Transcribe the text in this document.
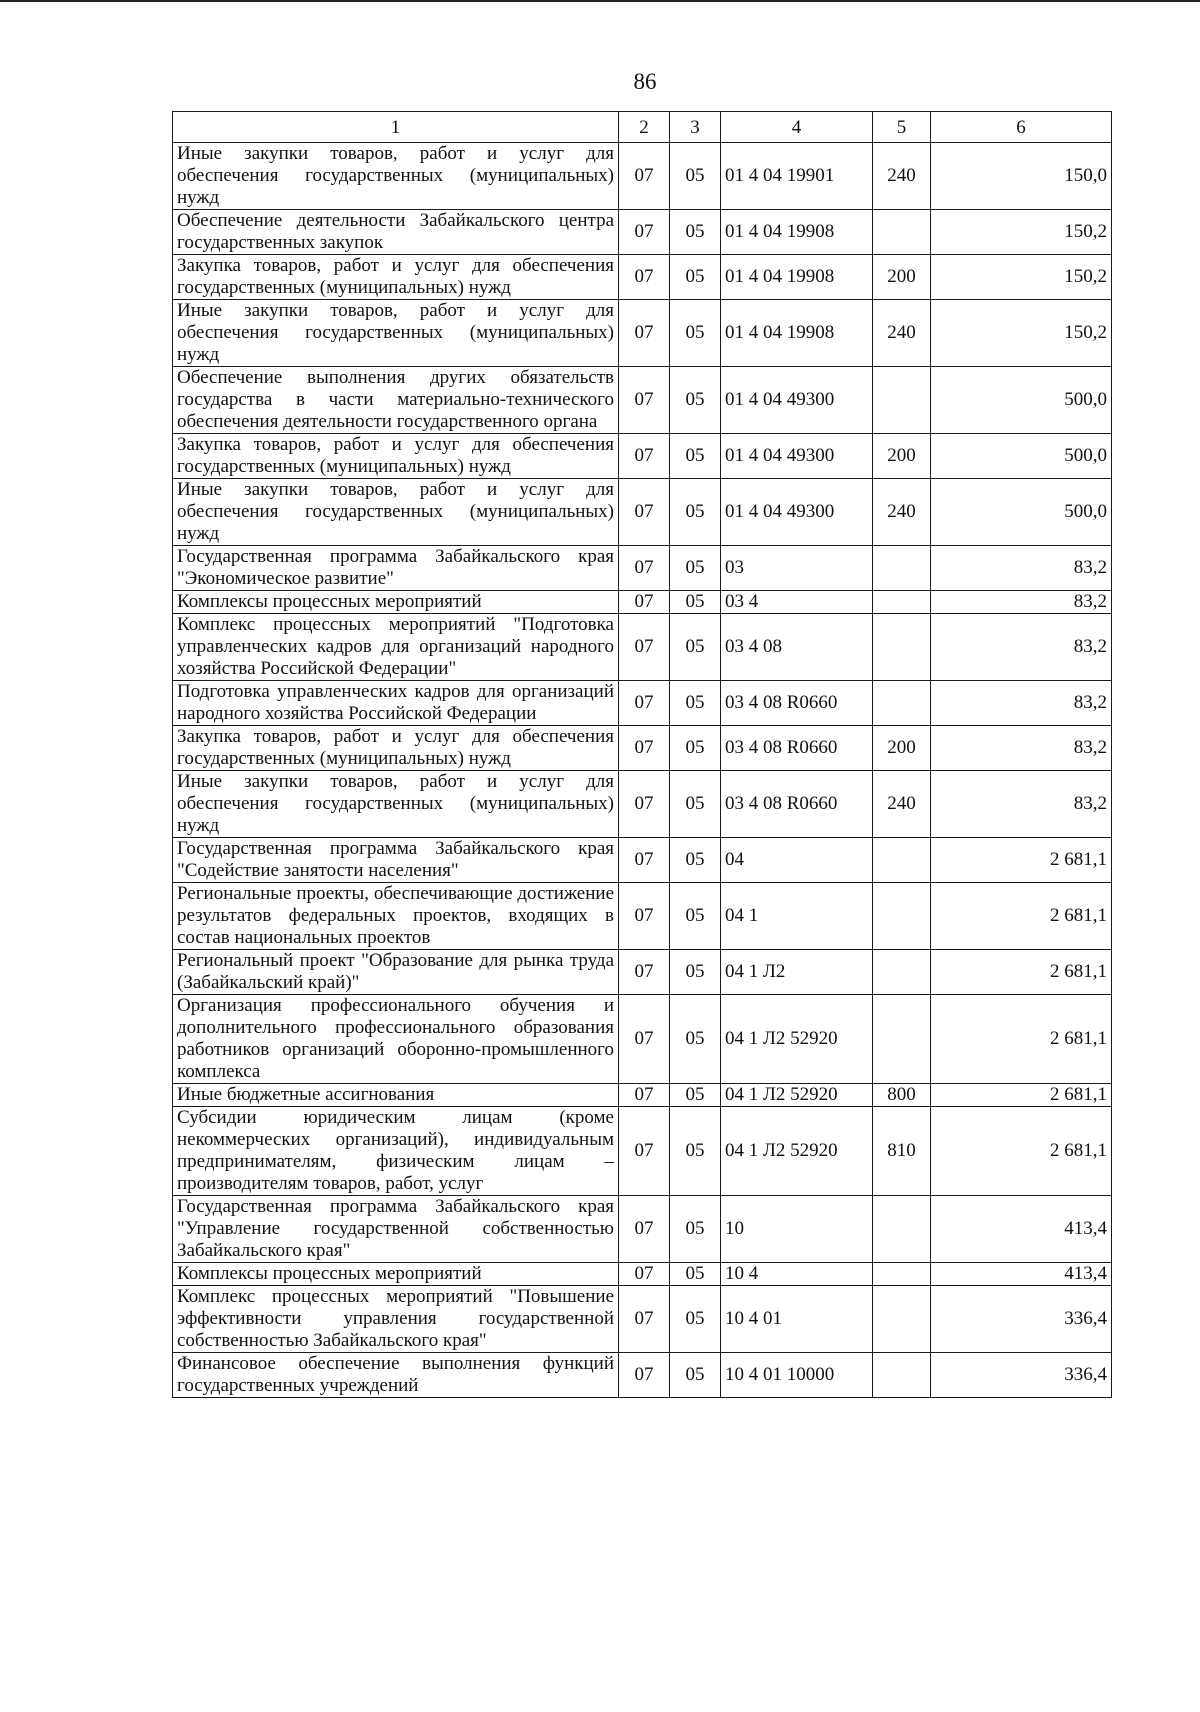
86
1	2	3	4	5	6
Иные закупки товаров, работ и услуг для обеспечения государственных (муниципальных) нужд	07	05	01 4 04 19901	240	150,0
Обеспечение деятельности Забайкальского центра государственных закупок	07	05	01 4 04 19908		150,2
Закупка товаров, работ и услуг для обеспечения государственных (муниципальных) нужд	07	05	01 4 04 19908	200	150,2
Иные закупки товаров, работ и услуг для обеспечения государственных (муниципальных) нужд	07	05	01 4 04 19908	240	150,2
Обеспечение выполнения других обязательств государства в части материально-технического обеспечения деятельности государственного органа	07	05	01 4 04 49300		500,0
Закупка товаров, работ и услуг для обеспечения государственных (муниципальных) нужд	07	05	01 4 04 49300	200	500,0
Иные закупки товаров, работ и услуг для обеспечения государственных (муниципальных) нужд	07	05	01 4 04 49300	240	500,0
Государственная программа Забайкальского края "Экономическое развитие"	07	05	03		83,2
Комплексы процессных мероприятий	07	05	03 4		83,2
Комплекс процессных мероприятий "Подготовка управленческих кадров для организаций народного хозяйства Российской Федерации"	07	05	03 4 08		83,2
Подготовка управленческих кадров для организаций народного хозяйства Российской Федерации	07	05	03 4 08 R0660		83,2
Закупка товаров, работ и услуг для обеспечения государственных (муниципальных) нужд	07	05	03 4 08 R0660	200	83,2
Иные закупки товаров, работ и услуг для обеспечения государственных (муниципальных) нужд	07	05	03 4 08 R0660	240	83,2
Государственная программа Забайкальского края "Содействие занятости населения"	07	05	04		2 681,1
Региональные проекты, обеспечивающие достижение результатов федеральных проектов, входящих в состав национальных проектов	07	05	04 1		2 681,1
Региональный проект "Образование для рынка труда (Забайкальский край)"	07	05	04 1 Л2		2 681,1
Организация профессионального обучения и дополнительного профессионального образования работников организаций оборонно-промышленного комплекса	07	05	04 1 Л2 52920		2 681,1
Иные бюджетные ассигнования	07	05	04 1 Л2 52920	800	2 681,1
Субсидии юридическим лицам (кроме некоммерческих организаций), индивидуальным предпринимателям, физическим лицам – производителям товаров, работ, услуг	07	05	04 1 Л2 52920	810	2 681,1
Государственная программа Забайкальского края "Управление государственной собственностью Забайкальского края"	07	05	10		413,4
Комплексы процессных мероприятий	07	05	10 4		413,4
Комплекс процессных мероприятий "Повышение эффективности управления государственной собственностью Забайкальского края"	07	05	10 4 01		336,4
Финансовое обеспечение выполнения функций государственных учреждений	07	05	10 4 01 10000		336,4
